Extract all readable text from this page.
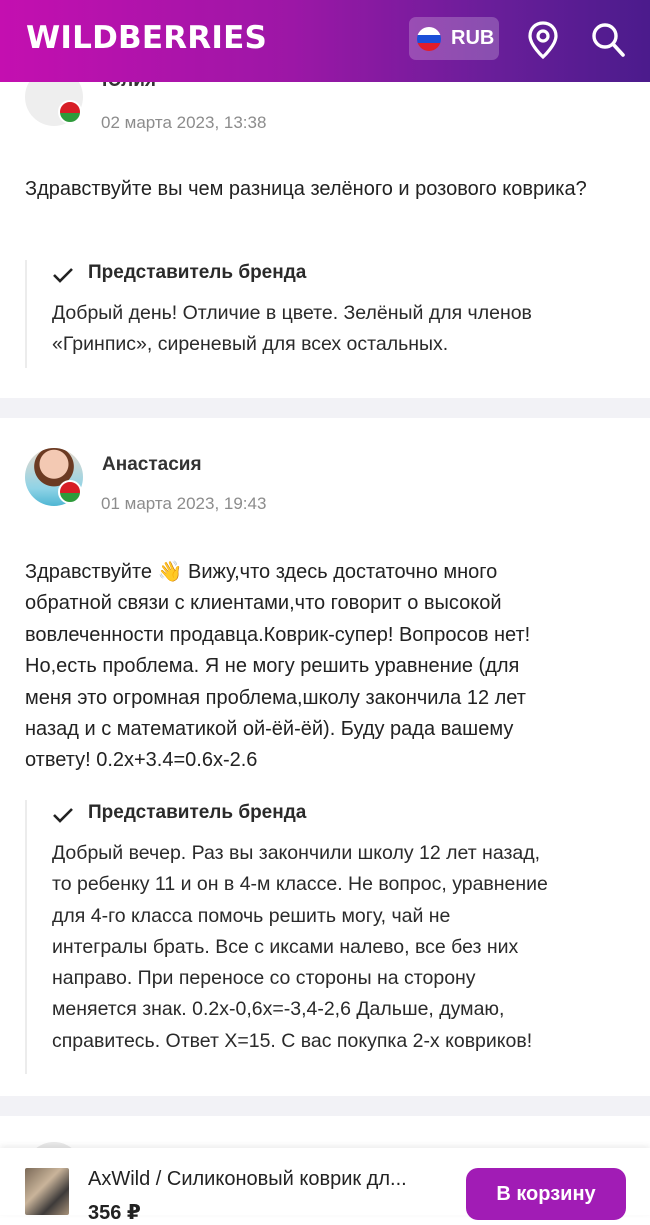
WILDBERRIES	RUB
02 марта 2023, 13:38
Здравствуйте вы чем разница зелёного и розового коврика?
Представитель бренда
Добрый день! Отличие в цвете. Зелёный для членов «Гринпис», сиреневый для всех остальных.
Анастасия
01 марта 2023, 19:43
Здравствуйте 👋 Вижу,что здесь достаточно много
обратной связи с клиентами,что говорит о высокой
вовлеченности продавца.Коврик-супер! Вопросов нет!
Но,есть проблема. Я не могу решить уравнение (для
меня это огромная проблема,школу закончила 12 лет
назад и с математикой ой-ёй-ёй). Буду рада вашему
ответу! 0.2x+3.4=0.6x-2.6
Представитель бренда
Добрый вечер. Раз вы закончили школу 12 лет назад,
то ребенку 11 и он в 4-м классе. Не вопрос, уравнение
для 4-го класса помочь решить могу, чай не
интегралы брать. Все с иксами налево, все без них
направо. При переносе со стороны на сторону
меняется знак. 0.2х-0,6х=-3,4-2,6 Дальше, думаю,
справитесь. Ответ Х=15. С вас покупка 2-х ковриков!
AxWild / Силиконовый коврик дл...
356 ₽
В корзину
